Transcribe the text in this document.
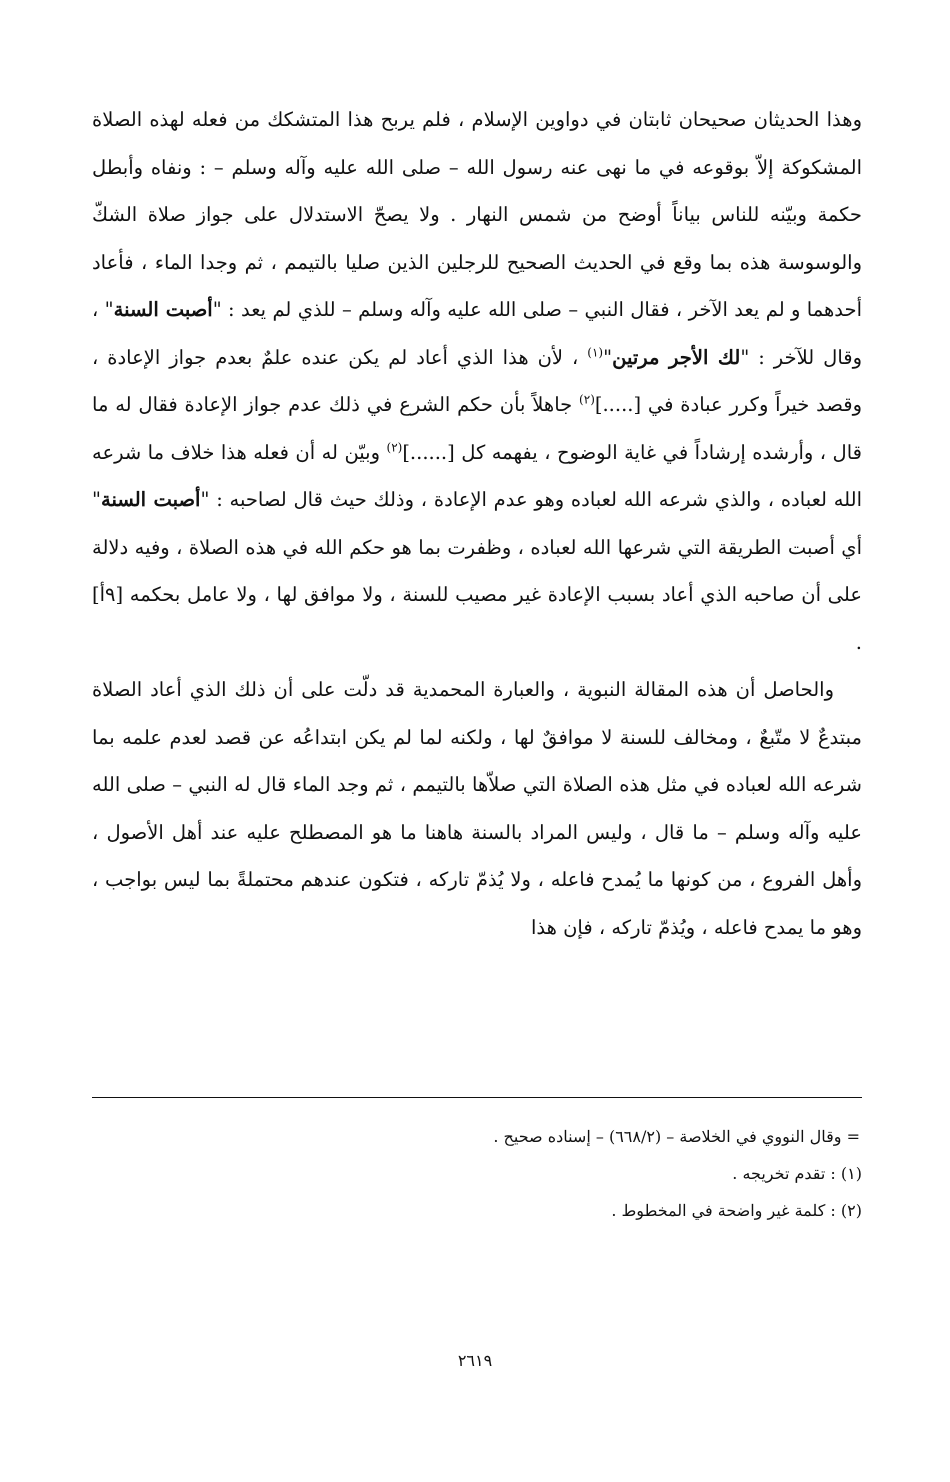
وهذا الحديثان صحيحان ثابتان في دواوين الإسلام ، فلم يربح هذا المتشكك من فعله لهذه الصلاة المشكوكة إلاّ بوقوعه في ما نهى عنه رسول الله – صلى الله عليه وآله وسلم – : ونفاه وأبطل حكمة وبيّنه للناس بياناً أوضح من شمس النهار . ولا يصحّ الاستدلال على جواز صلاة الشكّ والوسوسة هذه بما وقع في الحديث الصحيح للرجلين الذين صليا بالتيمم ، ثم وجدا الماء ، فأعاد أحدهما و لم يعد الآخر ، فقال النبي – صلى الله عليه وآله وسلم – للذي لم يعد : "أصبت السنة" ، وقال للآخر : "لك الأجر مرتين"$^{(١)}$ ، لأن هذا الذي أعاد لم يكن عنده علمٌ بعدم جواز الإعادة ، وقصد خيراً وكرر عبادة في [.....]$^{(٢)}$ جاهلاً بأن حكم الشرع في ذلك عدم جواز الإعادة فقال له ما قال ، وأرشده إرشاداً في غاية الوضوح ، يفهمه كل [......]$^{(٢)}$ وبيّن له أن فعله هذا خلاف ما شرعه الله لعباده ، والذي شرعه الله لعباده وهو عدم الإعادة ، وذلك حيث قال لصاحبه : "أصبت السنة" أي أصبت الطريقة التي شرعها الله لعباده ، وظفرت بما هو حكم الله في هذه الصلاة ، وفيه دلالة على أن صاحبه الذي أعاد بسبب الإعادة غير مصيب للسنة ، ولا موافق لها ، ولا عامل بحكمه [٩أ] .

والحاصل أن هذه المقالة النبوية ، والعبارة المحمدية قد دلّت على أن ذلك الذي أعاد الصلاة مبتدعٌ لا متّبعٌ ، ومخالف للسنة لا موافقٌ لها ، ولكنه لما لم يكن ابتداعُه عن قصد لعدم علمه بما شرعه الله لعباده في مثل هذه الصلاة التي صلاّها بالتيمم ، ثم وجد الماء قال له النبي – صلى الله عليه وآله وسلم – ما قال ، وليس المراد بالسنة هاهنا ما هو المصطلح عليه عند أهل الأصول ، وأهل الفروع ، من كونها ما يُمدح فاعله ، ولا يُذمّ تاركه ، فتكون عندهم محتملةً بما ليس بواجب ، وهو ما يمدح فاعله ، ويُذمّ تاركه ، فإن هذا

= وقال النووي في الخلاصة – (٦٦٨/٢) – إسناده صحيح .

(١) : تقدم تخريجه .

(٢) : كلمة غير واضحة في المخطوط .

٢٦١٩
